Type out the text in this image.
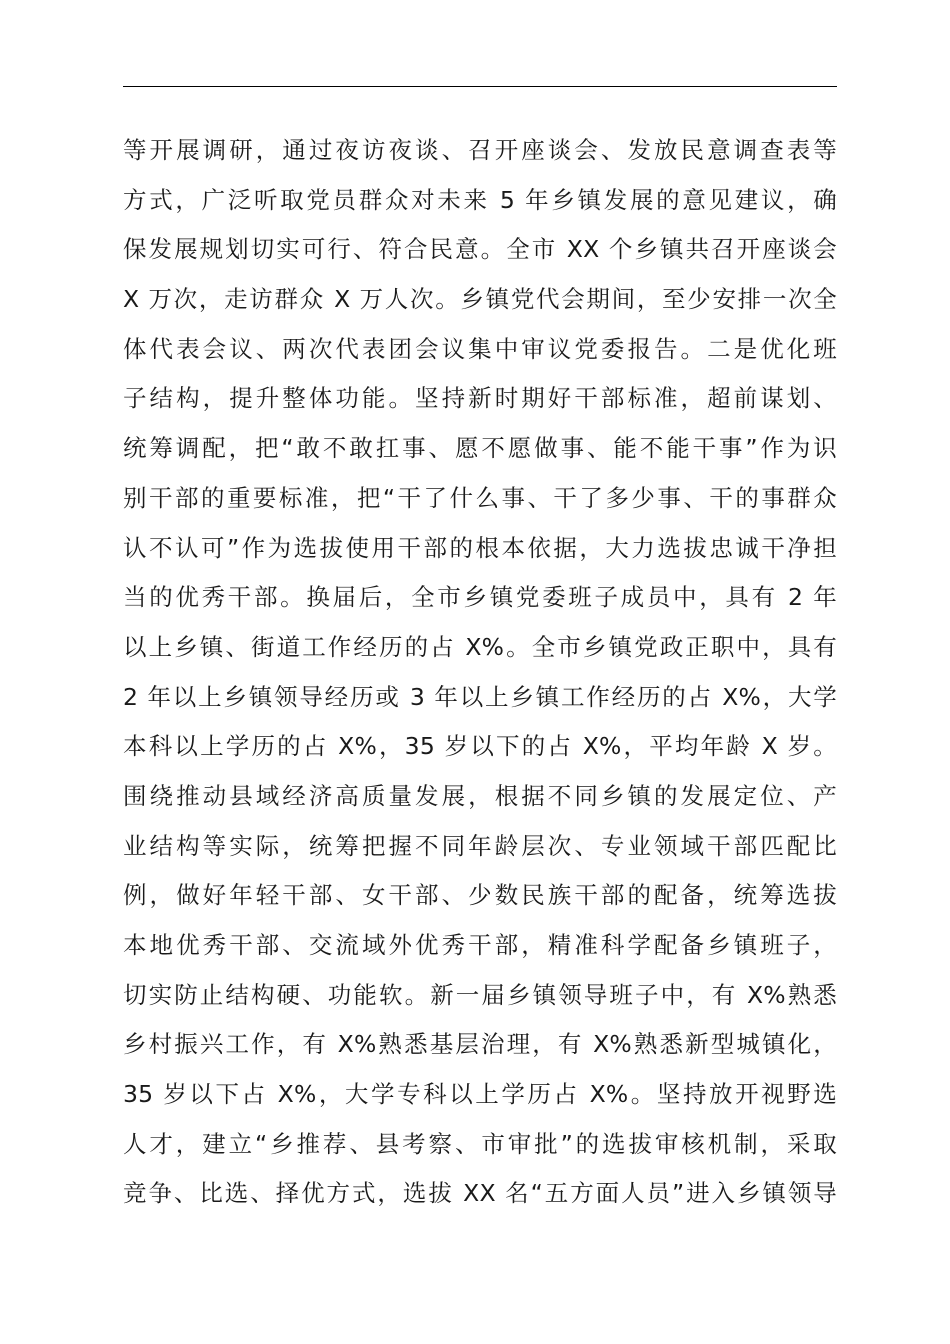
等开展调研，通过夜访夜谈、召开座谈会、发放民意调查表等
方式，广泛听取党员群众对未来 5 年乡镇发展的意见建议，确
保发展规划切实可行、符合民意。全市 XX 个乡镇共召开座谈会
X 万次，走访群众 X 万人次。乡镇党代会期间，至少安排一次全
体代表会议、两次代表团会议集中审议党委报告。二是优化班
子结构，提升整体功能。坚持新时期好干部标准，超前谋划、
统筹调配，把“敢不敢扛事、愿不愿做事、能不能干事”作为识
别干部的重要标准，把“干了什么事、干了多少事、干的事群众
认不认可”作为选拔使用干部的根本依据，大力选拔忠诚干净担
当的优秀干部。换届后，全市乡镇党委班子成员中，具有 2 年
以上乡镇、街道工作经历的占 X%。全市乡镇党政正职中，具有
2 年以上乡镇领导经历或 3 年以上乡镇工作经历的占 X%，大学
本科以上学历的占 X%，35 岁以下的占 X%，平均年龄 X 岁。
围绕推动县域经济高质量发展，根据不同乡镇的发展定位、产
业结构等实际，统筹把握不同年龄层次、专业领域干部匹配比
例，做好年轻干部、女干部、少数民族干部的配备，统筹选拔
本地优秀干部、交流域外优秀干部，精准科学配备乡镇班子，
切实防止结构硬、功能软。新一届乡镇领导班子中，有 X%熟悉
乡村振兴工作，有 X%熟悉基层治理，有 X%熟悉新型城镇化，
35 岁以下占 X%，大学专科以上学历占 X%。坚持放开视野选
人才，建立“乡推荐、县考察、市审批”的选拔审核机制，采取
竞争、比选、择优方式，选拔 XX 名“五方面人员”进入乡镇领导
